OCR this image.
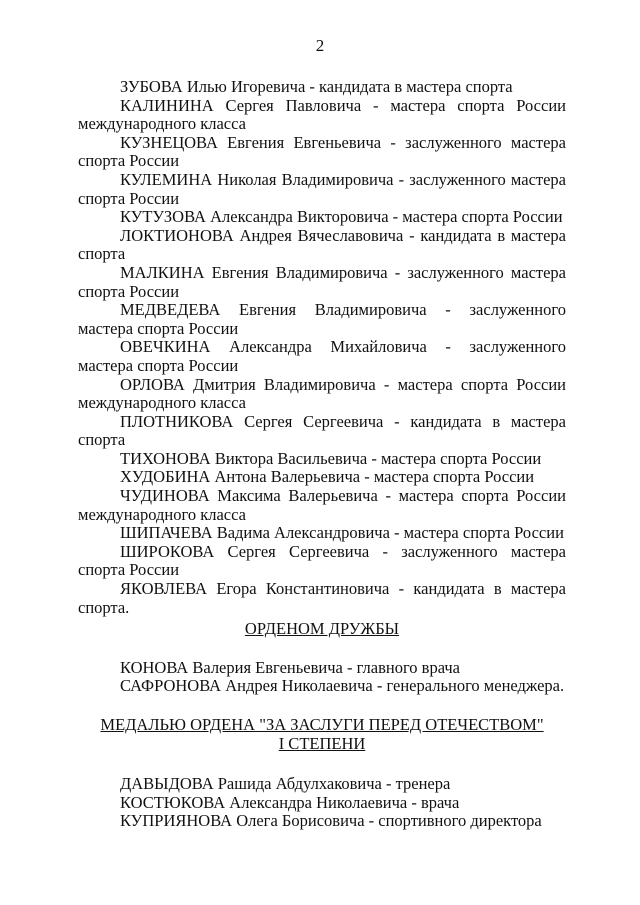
2

ЗУБОВА Илью Игоревича - кандидата в мастера спорта

КАЛИНИНА Сергея Павловича - мастера спорта России международного класса

КУЗНЕЦОВА Евгения Евгеньевича - заслуженного мастера спорта России

КУЛЕМИНА Николая Владимировича - заслуженного мастера спорта России

КУТУЗОВА Александра Викторовича - мастера спорта России

ЛОКТИОНОВА Андрея Вячеславовича - кандидата в мастера спорта

МАЛКИНА Евгения Владимировича - заслуженного мастера спорта России

МЕДВЕДЕВА Евгения Владимировича - заслуженного мастера спорта России

ОВЕЧКИНА Александра Михайловича - заслуженного мастера спорта России

ОРЛОВА Дмитрия Владимировича - мастера спорта России международного класса

ПЛОТНИКОВА Сергея Сергеевича - кандидата в мастера спорта

ТИХОНОВА Виктора Васильевича - мастера спорта России

ХУДОБИНА Антона Валерьевича - мастера спорта России

ЧУДИНОВА Максима Валерьевича - мастера спорта России международного класса

ШИПАЧЕВА Вадима Александровича - мастера спорта России

ШИРОКОВА Сергея Сергеевича - заслуженного мастера спорта России

ЯКОВЛЕВА Егора Константиновича - кандидата в мастера спорта.

ОРДЕНОМ ДРУЖБЫ

КОНОВА Валерия Евгеньевича - главного врача

САФРОНОВА Андрея Николаевича - генерального менеджера.

МЕДАЛЬЮ ОРДЕНА "ЗА ЗАСЛУГИ ПЕРЕД ОТЕЧЕСТВОМ"

I СТЕПЕНИ

ДАВЫДОВА Рашида Абдулхаковича - тренера

КОСТЮКОВА Александра Николаевича - врача

КУПРИЯНОВА Олега Борисовича - спортивного директора
